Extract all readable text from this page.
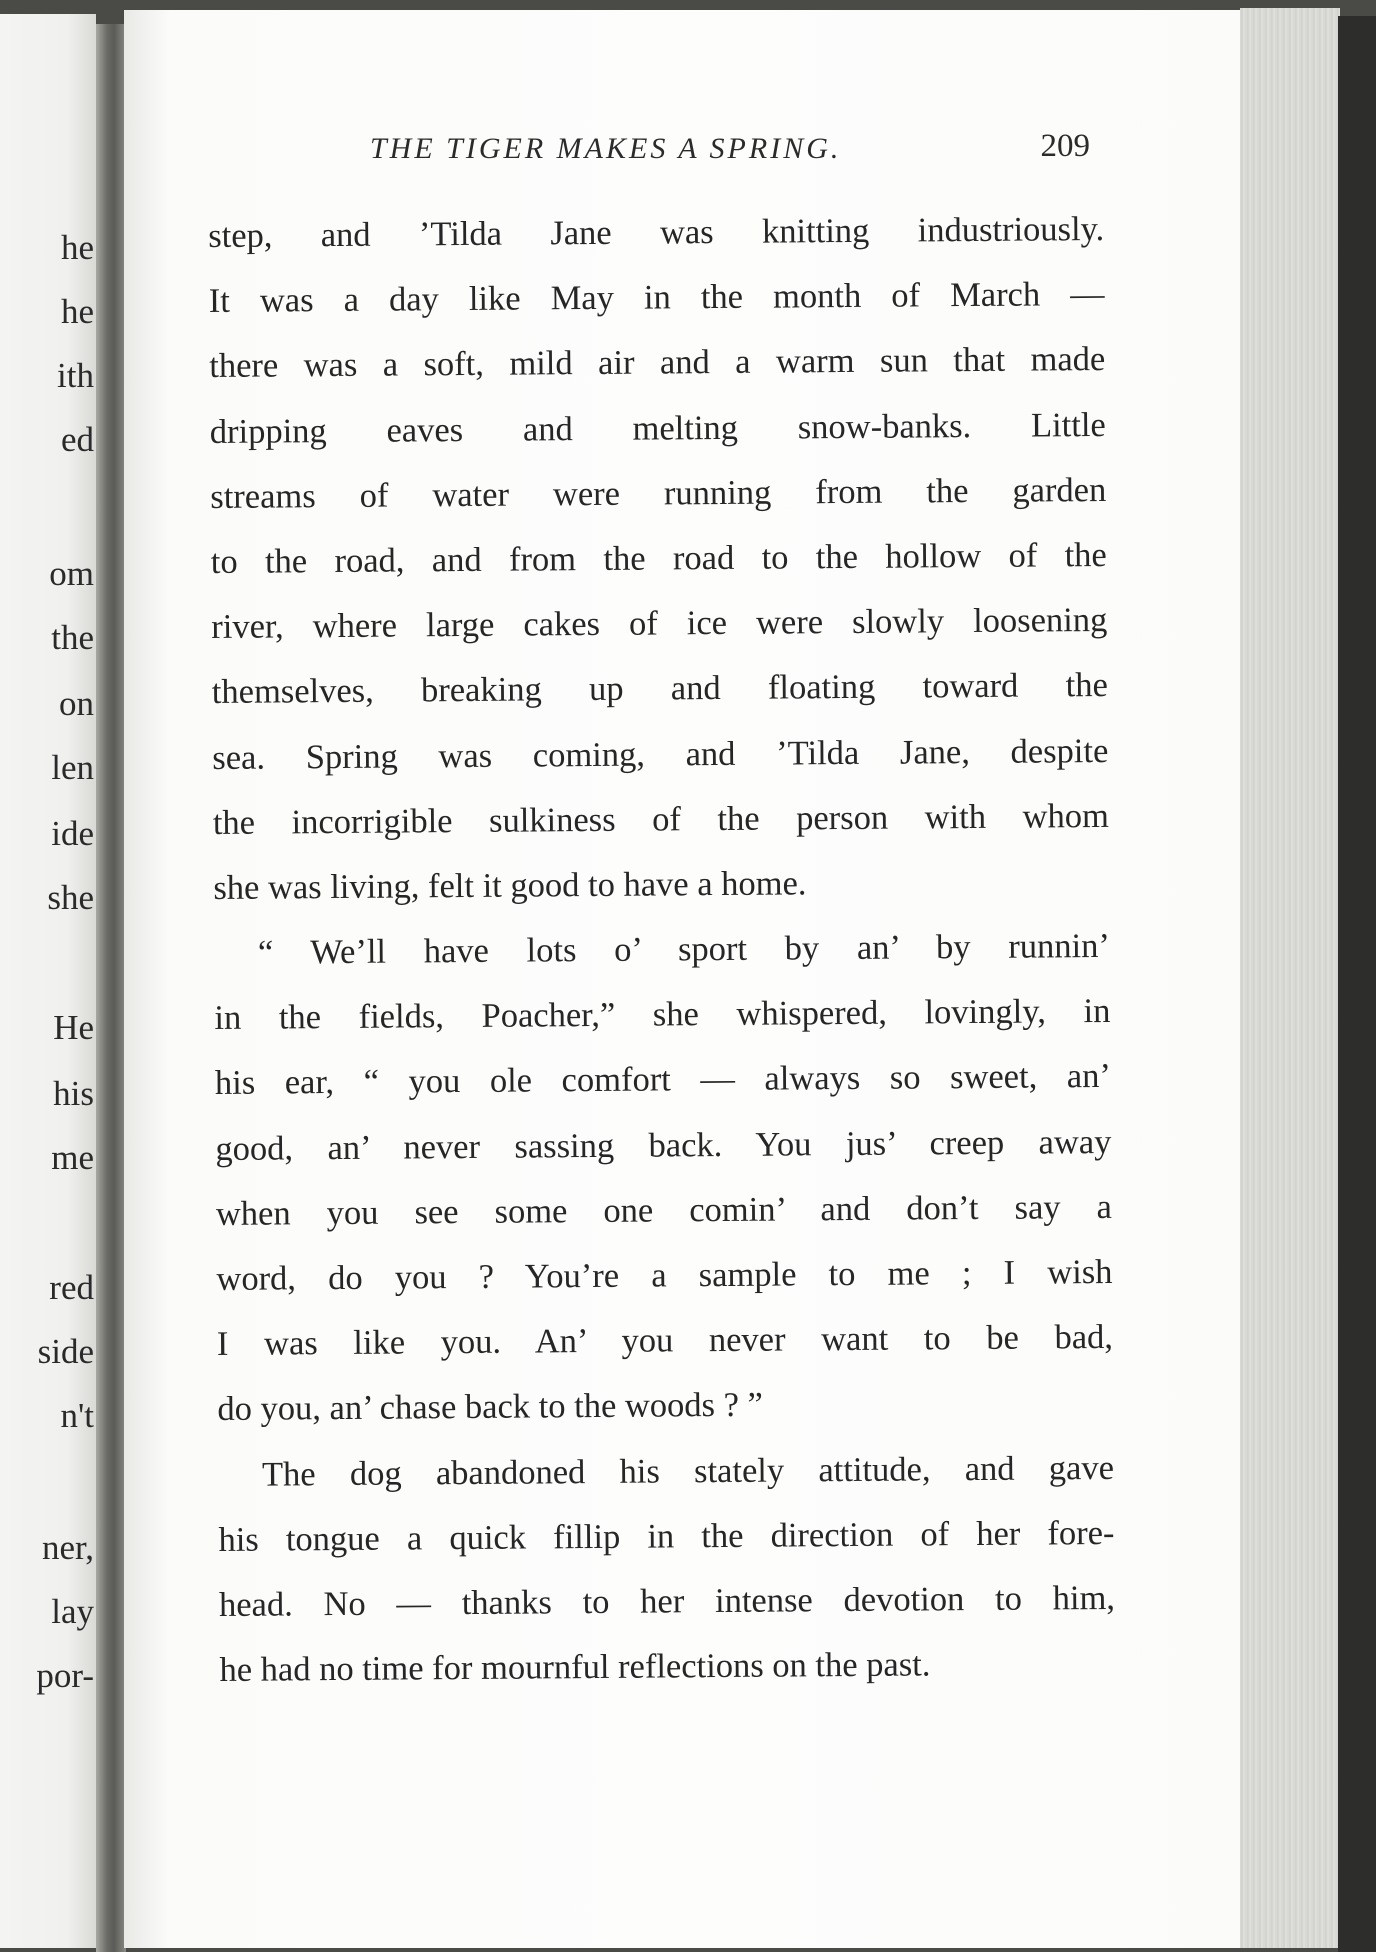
he
he
ith
ed
om
the
on
len
ide
she
He
his
me
red
side
n't
ner,
lay
por-
THE TIGER MAKES A SPRING.	209
step, and ’Tilda Jane was knitting industriously.
It was a day like May in the month of March —
there was a soft, mild air and a warm sun that made
dripping eaves and melting snow-banks. Little
streams of water were running from the garden
to the road, and from the road to the hollow of the
river, where large cakes of ice were slowly loosening
themselves, breaking up and floating toward the
sea. Spring was coming, and ’Tilda Jane, despite
the incorrigible sulkiness of the person with whom
she was living, felt it good to have a home.
“ We’ll have lots o’ sport by an’ by runnin’
in the fields, Poacher,” she whispered, lovingly, in
his ear, “ you ole comfort — always so sweet, an’
good, an’ never sassing back. You jus’ creep away
when you see some one comin’ and don’t say a
word, do you ? You’re a sample to me ; I wish
I was like you. An’ you never want to be bad,
do you, an’ chase back to the woods ? ”
The dog abandoned his stately attitude, and gave
his tongue a quick fillip in the direction of her fore-
head. No — thanks to her intense devotion to him,
he had no time for mournful reflections on the past.
